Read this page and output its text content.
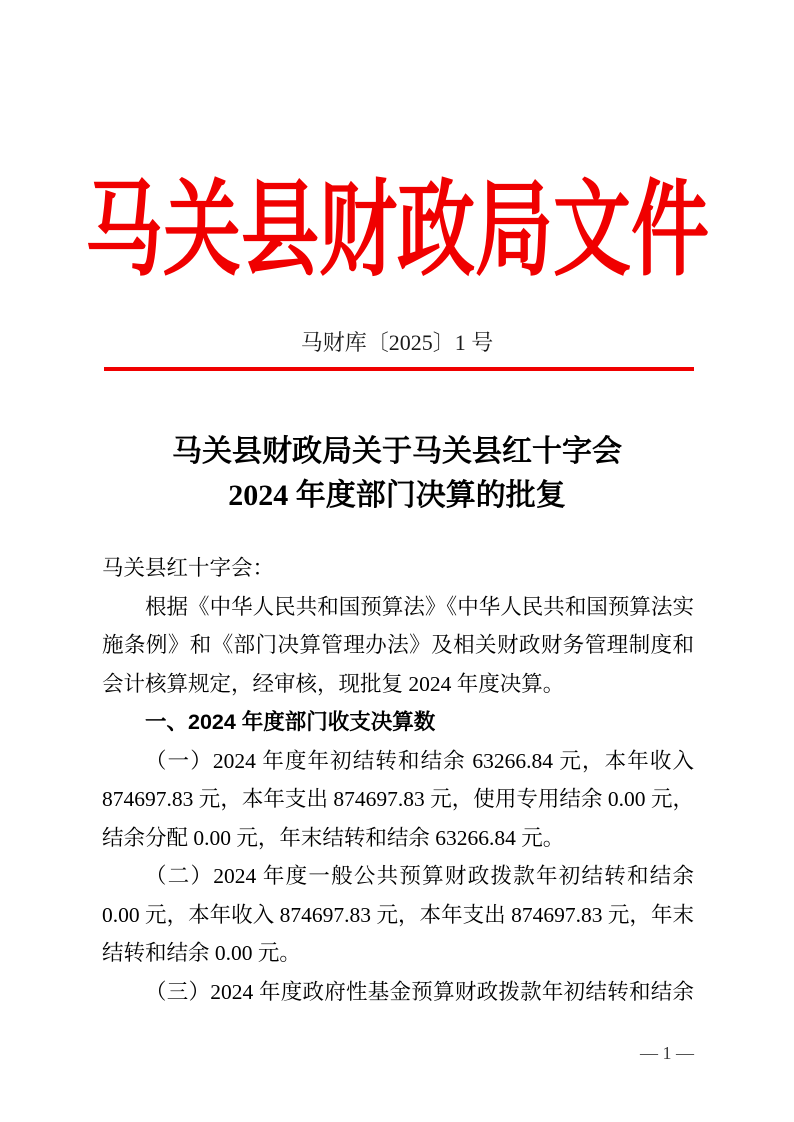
马关县财政局文件

马财库〔2025〕1 号

马关县财政局关于马关县红十字会
2024 年度部门决算的批复

马关县红十字会：

根据《中华人民共和国预算法》《中华人民共和国预算法实施条例》和《部门决算管理办法》及相关财政财务管理制度和会计核算规定，经审核，现批复 2024 年度决算。

一、2024 年度部门收支决算数

（一）2024 年度年初结转和结余 63266.84 元，本年收入 874697.83 元，本年支出 874697.83 元，使用专用结余 0.00 元，结余分配 0.00 元，年末结转和结余 63266.84 元。

（二）2024 年度一般公共预算财政拨款年初结转和结余 0.00 元，本年收入 874697.83 元，本年支出 874697.83 元，年末结转和结余 0.00 元。

（三）2024 年度政府性基金预算财政拨款年初结转和结余

— 1 —
